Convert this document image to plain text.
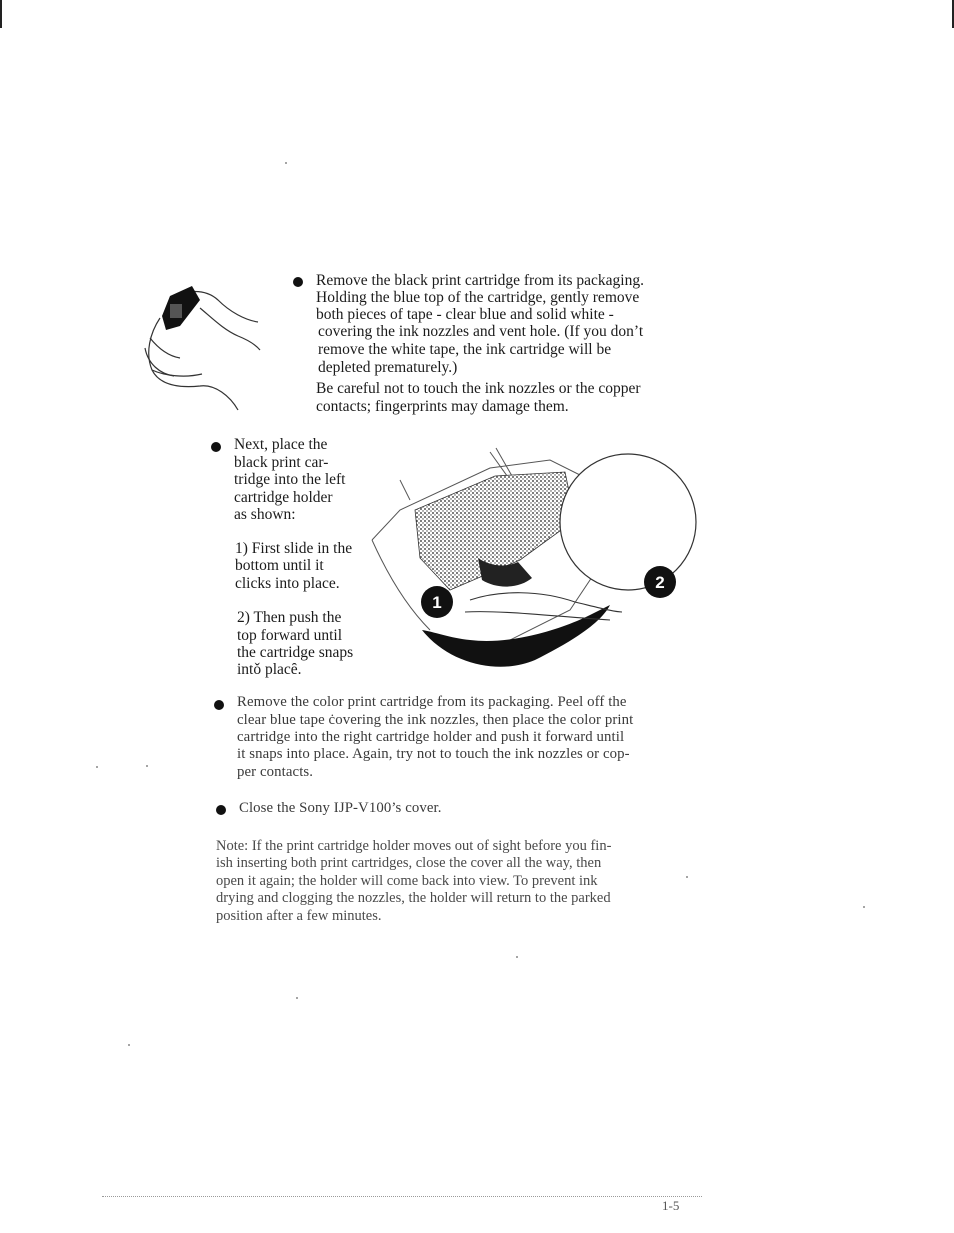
Remove the black print cartridge from its packaging.
Holding the blue top of the cartridge, gently remove
both pieces of tape - clear blue and solid white -
covering the ink nozzles and vent hole. (If you don’t
remove the white tape, the ink cartridge will be
depleted prematurely.)
Be careful not to touch the ink nozzles or the copper
contacts; fingerprints may damage them.
Next, place the
black print car-
tridge into the left
cartridge holder
as shown:
1) First slide in the
bottom until it
clicks into place.
2) Then push the
top forward until
the cartridge snaps
intǒ placȇ.
1
2
Remove the color print cartridge from its packaging. Peel off the
clear blue tape ċovering the ink nozzles, then place the color print
cartridge into the right cartridge holder and push it forward until
it snaps into place. Again, try not to touch the ink nozzles or cop-
per contacts.
Close the Sony IJP-V100’s cover.
Note: If the print cartridge holder moves out of sight before you fin-
ish inserting both print cartridges, close the cover all the way, then
open it again; the holder will come back into view. To prevent ink
drying and clogging the nozzles, the holder will return to the parked
position after a few minutes.
1-5
